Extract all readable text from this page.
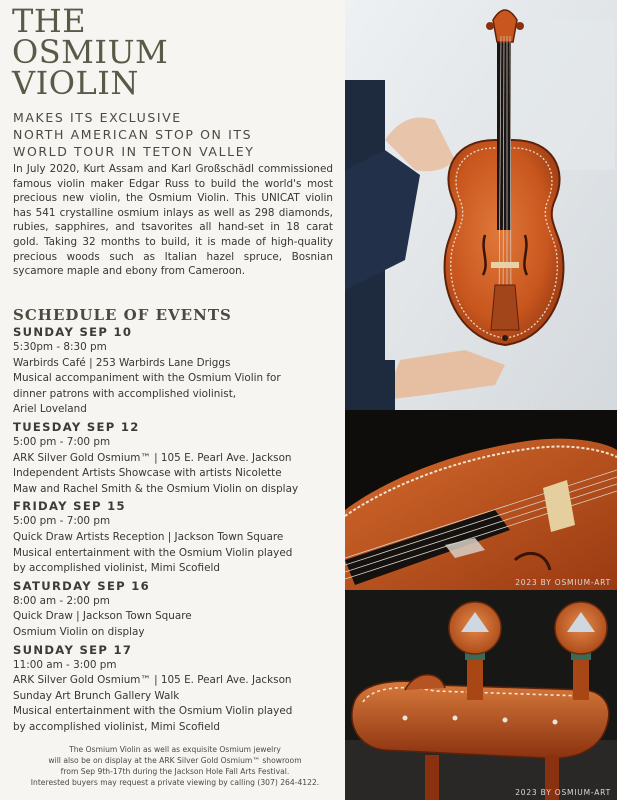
THE
OSMIUM
VIOLIN
MAKES ITS EXCLUSIVE
NORTH AMERICAN STOP ON ITS
WORLD TOUR IN TETON VALLEY

In July 2020, Kurt Assam and Karl Großschädl commissioned famous violin maker Edgar Russ to build the world's most precious new violin, the Osmium Violin. This UNICAT violin has 541 crystalline osmium inlays as well as 298 diamonds, rubies, sapphires, and tsavorites all hand-set in 18 carat gold. Taking 32 months to build, it is made of high-quality precious woods such as Italian hazel spruce, Bosnian sycamore maple and ebony from Cameroon.

SCHEDULE OF EVENTS
SUNDAY SEP 10
5:30pm - 8:30 pm
Warbirds Café | 253 Warbirds Lane Driggs
Musical accompaniment with the Osmium Violin for
dinner patrons with accomplished violinist,
Ariel Loveland
TUESDAY SEP 12
5:00 pm - 7:00 pm
ARK Silver Gold Osmium™ | 105 E. Pearl Ave. Jackson
Independent Artists Showcase with artists Nicolette
Maw and Rachel Smith & the Osmium Violin on display
FRIDAY SEP 15
5:00 pm - 7:00 pm
Quick Draw Artists Reception | Jackson Town Square
Musical entertainment with the Osmium Violin played
by accomplished violinist, Mimi Scofield
SATURDAY SEP 16
8:00 am - 2:00 pm
Quick Draw | Jackson Town Square
Osmium Violin on display
SUNDAY SEP 17
11:00 am - 3:00 pm
ARK Silver Gold Osmium™ | 105 E. Pearl Ave. Jackson
Sunday Art Brunch Gallery Walk
Musical entertainment with the Osmium Violin played
by accomplished violinist, Mimi Scofield
The Osmium Violin as well as exquisite Osmium jewelry
will also be on display at the ARK Silver Gold Osmium™ showroom
from Sep 9th-17th during the Jackson Hole Fall Arts Festival.
Interested buyers may request a private viewing by calling (307) 264-4122.
2023 BY OSMIUM-ART
2023 BY OSMIUM-ART
2023 BY OSMIUM-ART
